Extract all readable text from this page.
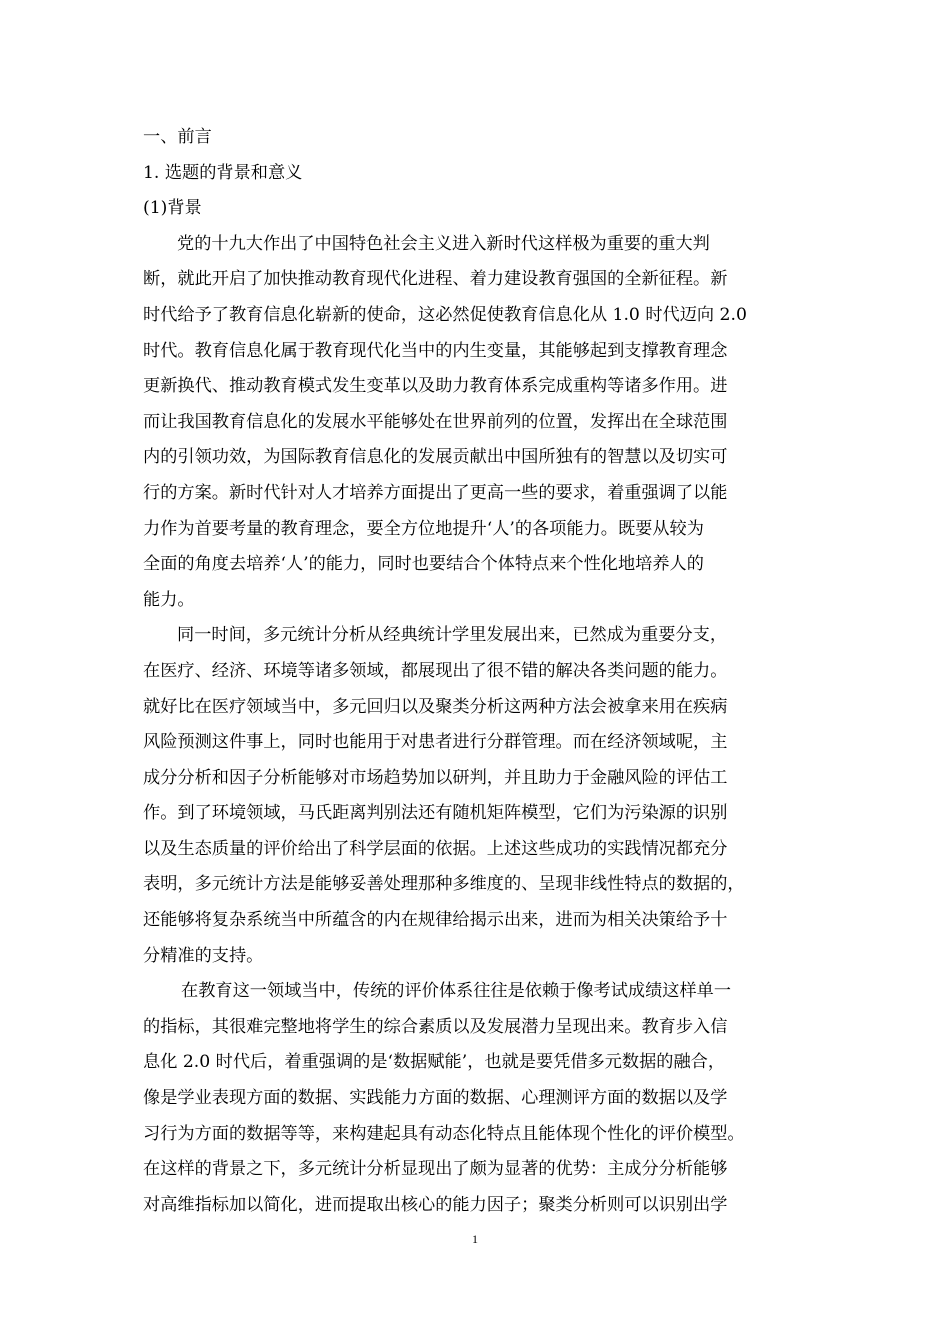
一、前言
1. 选题的背景和意义
(1)背景
党的十九大作出了中国特色社会主义进入新时代这样极为重要的重大判
断，就此开启了加快推动教育现代化进程、着力建设教育强国的全新征程。新
时代给予了教育信息化崭新的使命，这必然促使教育信息化从 1.0 时代迈向 2.0
时代。教育信息化属于教育现代化当中的内生变量，其能够起到支撑教育理念
更新换代、推动教育模式发生变革以及助力教育体系完成重构等诸多作用。进
而让我国教育信息化的发展水平能够处在世界前列的位置，发挥出在全球范围
内的引领功效，为国际教育信息化的发展贡献出中国所独有的智慧以及切实可
行的方案。新时代针对人才培养方面提出了更高一些的要求，着重强调了以能
力作为首要考量的教育理念，要全方位地提升‘人’的各项能力。既要从较为
全面的角度去培养‘人’的能力，同时也要结合个体特点来个性化地培养人的
能力。
同一时间，多元统计分析从经典统计学里发展出来，已然成为重要分支，
在医疗、经济、环境等诸多领域，都展现出了很不错的解决各类问题的能力。
就好比在医疗领域当中，多元回归以及聚类分析这两种方法会被拿来用在疾病
风险预测这件事上，同时也能用于对患者进行分群管理。而在经济领域呢，主
成分分析和因子分析能够对市场趋势加以研判，并且助力于金融风险的评估工
作。到了环境领域，马氏距离判别法还有随机矩阵模型，它们为污染源的识别
以及生态质量的评价给出了科学层面的依据。上述这些成功的实践情况都充分
表明，多元统计方法是能够妥善处理那种多维度的、呈现非线性特点的数据的，
还能够将复杂系统当中所蕴含的内在规律给揭示出来，进而为相关决策给予十
分精准的支持。
在教育这一领域当中，传统的评价体系往往是依赖于像考试成绩这样单一
的指标，其很难完整地将学生的综合素质以及发展潜力呈现出来。教育步入信
息化 2.0 时代后，着重强调的是‘数据赋能’，也就是要凭借多元数据的融合，
像是学业表现方面的数据、实践能力方面的数据、心理测评方面的数据以及学
习行为方面的数据等等，来构建起具有动态化特点且能体现个性化的评价模型。
在这样的背景之下，多元统计分析显现出了颇为显著的优势：主成分分析能够
对高维指标加以简化，进而提取出核心的能力因子；聚类分析则可以识别出学
1
